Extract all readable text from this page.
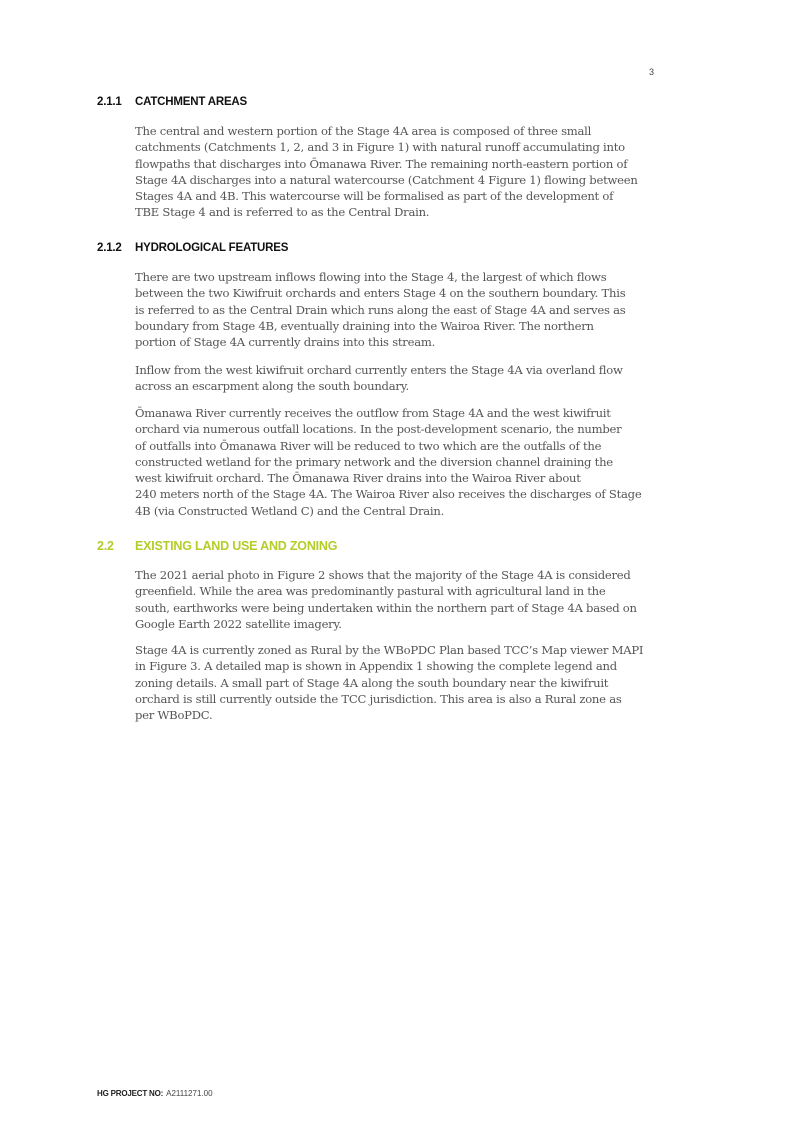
3
2.1.1 CATCHMENT AREAS

The central and western portion of the Stage 4A area is composed of three small
catchments (Catchments 1, 2, and 3 in Figure 1) with natural runoff accumulating into
flowpaths that discharges into Ōmanawa River. The remaining north-eastern portion of
Stage 4A discharges into a natural watercourse (Catchment 4 Figure 1) flowing between
Stages 4A and 4B. This watercourse will be formalised as part of the development of
TBE Stage 4 and is referred to as the Central Drain.

2.1.2 HYDROLOGICAL FEATURES

There are two upstream inflows flowing into the Stage 4, the largest of which flows
between the two Kiwifruit orchards and enters Stage 4 on the southern boundary. This
is referred to as the Central Drain which runs along the east of Stage 4A and serves as
boundary from Stage 4B, eventually draining into the Wairoa River. The northern
portion of Stage 4A currently drains into this stream.

Inflow from the west kiwifruit orchard currently enters the Stage 4A via overland flow
across an escarpment along the south boundary.

Ōmanawa River currently receives the outflow from Stage 4A and the west kiwifruit
orchard via numerous outfall locations. In the post-development scenario, the number
of outfalls into Ōmanawa River will be reduced to two which are the outfalls of the
constructed wetland for the primary network and the diversion channel draining the
west kiwifruit orchard. The Ōmanawa River drains into the Wairoa River about
240 meters north of the Stage 4A. The Wairoa River also receives the discharges of Stage
4B (via Constructed Wetland C) and the Central Drain.

2.2 EXISTING LAND USE AND ZONING

The 2021 aerial photo in Figure 2 shows that the majority of the Stage 4A is considered
greenfield. While the area was predominantly pastural with agricultural land in the
south, earthworks were being undertaken within the northern part of Stage 4A based on
Google Earth 2022 satellite imagery.

Stage 4A is currently zoned as Rural by the WBoPDC Plan based TCC’s Map viewer MAPI
in Figure 3. A detailed map is shown in Appendix 1 showing the complete legend and
zoning details. A small part of Stage 4A along the south boundary near the kiwifruit
orchard is still currently outside the TCC jurisdiction. This area is also a Rural zone as
per WBoPDC.

HG PROJECT NO: A2111271.00
